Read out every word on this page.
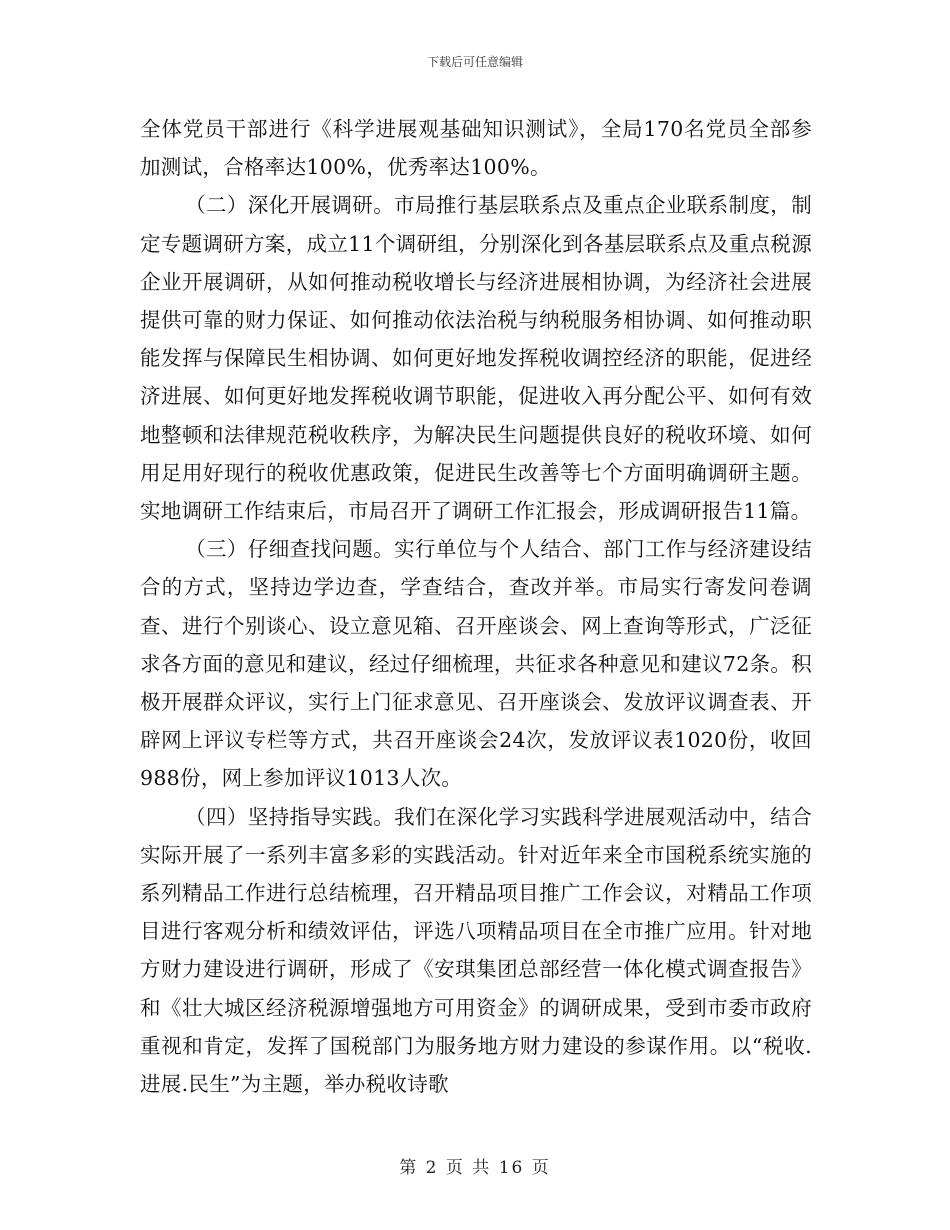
下载后可任意编辑

全体党员干部进行《科学进展观基础知识测试》，全局170名党员全部参加测试，合格率达100%，优秀率达100%。

（二）深化开展调研。市局推行基层联系点及重点企业联系制度，制定专题调研方案，成立11个调研组，分别深化到各基层联系点及重点税源企业开展调研，从如何推动税收增长与经济进展相协调，为经济社会进展提供可靠的财力保证、如何推动依法治税与纳税服务相协调、如何推动职能发挥与保障民生相协调、如何更好地发挥税收调控经济的职能，促进经济进展、如何更好地发挥税收调节职能，促进收入再分配公平、如何有效地整顿和法律规范税收秩序，为解决民生问题提供良好的税收环境、如何用足用好现行的税收优惠政策，促进民生改善等七个方面明确调研主题。实地调研工作结束后，市局召开了调研工作汇报会，形成调研报告11篇。

（三）仔细查找问题。实行单位与个人结合、部门工作与经济建设结合的方式，坚持边学边查，学查结合，查改并举。市局实行寄发问卷调查、进行个别谈心、设立意见箱、召开座谈会、网上查询等形式，广泛征求各方面的意见和建议，经过仔细梳理，共征求各种意见和建议72条。积极开展群众评议，实行上门征求意见、召开座谈会、发放评议调查表、开辟网上评议专栏等方式，共召开座谈会24次，发放评议表1020份，收回988份，网上参加评议1013人次。

（四）坚持指导实践。我们在深化学习实践科学进展观活动中，结合实际开展了一系列丰富多彩的实践活动。针对近年来全市国税系统实施的系列精品工作进行总结梳理，召开精品项目推广工作会议，对精品工作项目进行客观分析和绩效评估，评选八项精品项目在全市推广应用。针对地方财力建设进行调研，形成了《安琪集团总部经营一体化模式调查报告》和《壮大城区经济税源增强地方可用资金》的调研成果，受到市委市政府重视和肯定，发挥了国税部门为服务地方财力建设的参谋作用。以“税收.进展.民生”为主题，举办税收诗歌

第 2 页 共 16 页
